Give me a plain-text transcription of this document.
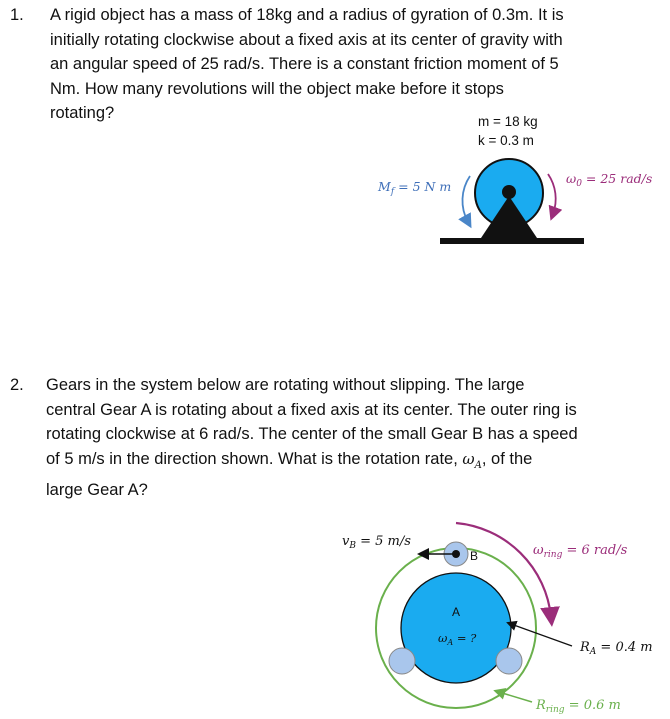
1. A rigid object has a mass of 18kg and a radius of gyration of 0.3m. It is
initially rotating clockwise about a fixed axis at its center of gravity with
an angular speed of 25 rad/s. There is a constant friction moment of 5
Nm. How many revolutions will the object make before it stops
rotating?	m = 18 kg
k = 0.3 m
$M_f = 5$ N m
$\omega_0 = 25$ rad/s
2. Gears in the system below are rotating without slipping. The large
central Gear A is rotating about a fixed axis at its center. The outer ring is
rotating clockwise at 6 rad/s. The center of the small Gear B has a speed
of 5 m/s in the direction shown. What is the rotation rate, $\omega_A$, of the
large Gear A?
$v_B = 5$ m/s
B	$\omega_{ring} = 6$ rad/s
A
$\omega_A$ = ?
$R_A = 0.4$ m
$R_{ring} = 0.6$ m
